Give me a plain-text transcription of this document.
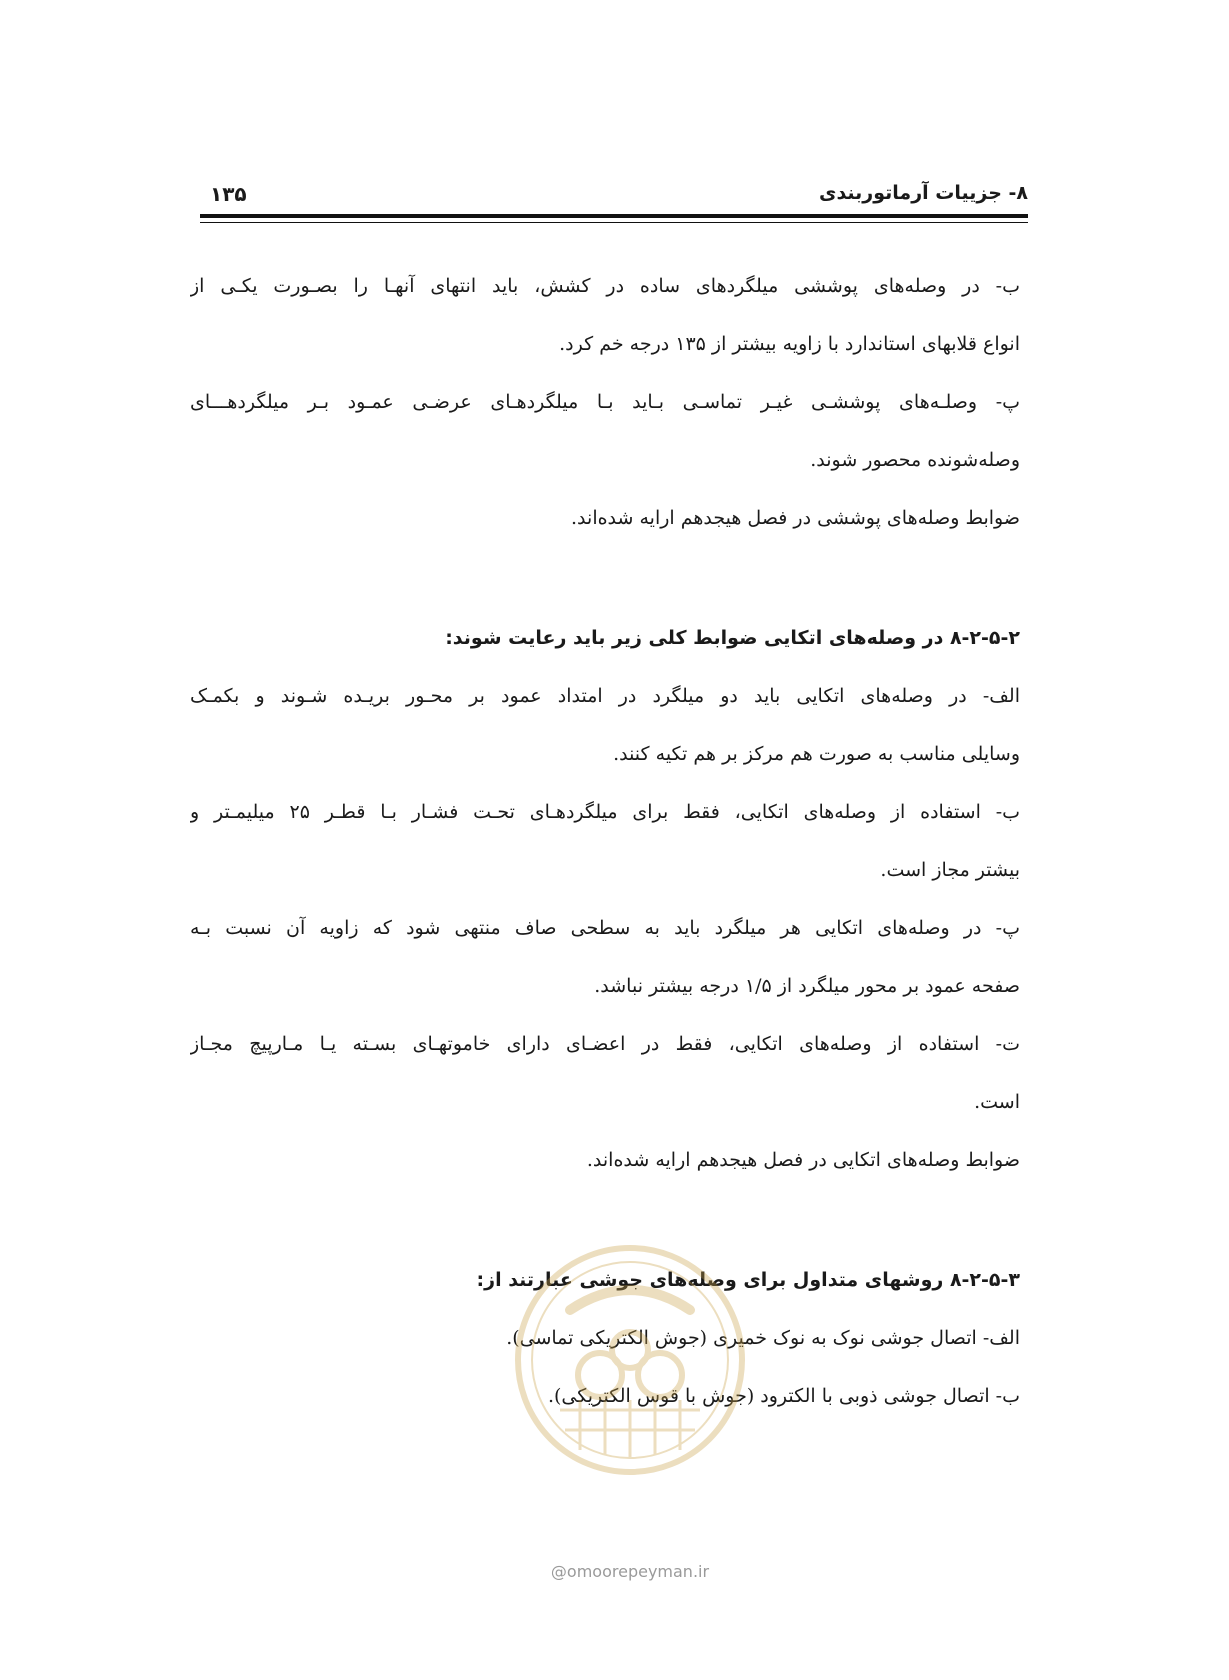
۸- جزییات آرماتوربندی
۱۳۵
ب- در وصله‌های پوششی میلگردهای ساده در کشش، باید انتهای آنهـا را بصـورت یکـی از
انواع قلابهای استاندارد با زاویه بیشتر از ۱۳۵ درجه خم کرد.
پ- وصلـه‌های پوششـی غیـر تماسـی بـاید بـا میلگردهـای عرضـی عمـود بـر میلگردهـــای
وصله‌شونده محصور شوند.
ضوابط وصله‌های پوششی در فصل هیجدهم ارایه شده‌اند.
۸-۲-۵-۲ در وصله‌های اتکایی ضوابط کلی زیر باید رعایت شوند:
الف- در وصله‌های اتکایی باید دو میلگرد در امتداد عمود بر محـور بریـده شـوند و بکمـک
وسایلی مناسب به صورت هم مرکز بر هم تکیه کنند.
ب- استفاده از وصله‌های اتکایی، فقط برای میلگردهـای تحـت فشـار بـا قطـر ۲۵ میلیمـتر و
بیشتر مجاز است.
پ- در وصله‌های اتکایی هر میلگرد باید به سطحی صاف منتهی شود که زاویه آن نسبت بـه
صفحه عمود بر محور میلگرد از ۱/۵ درجه بیشتر نباشد.
ت- استفاده از وصله‌های اتکایی، فقط در اعضـای دارای خاموتهـای بسـته یـا مـارپیچ مجـاز
است.
ضوابط وصله‌های اتکایی در فصل هیجدهم ارایه شده‌اند.
۸-۲-۵-۳ روشهای متداول برای وصله‌های جوشی عبارتند از:
الف- اتصال جوشی نوک به نوک خمیری (جوش الکتریکی تماسی).
ب- اتصال جوشی ذوبی با الکترود (جوش با قوس الکتریکی).
@omoorepeyman.ir
